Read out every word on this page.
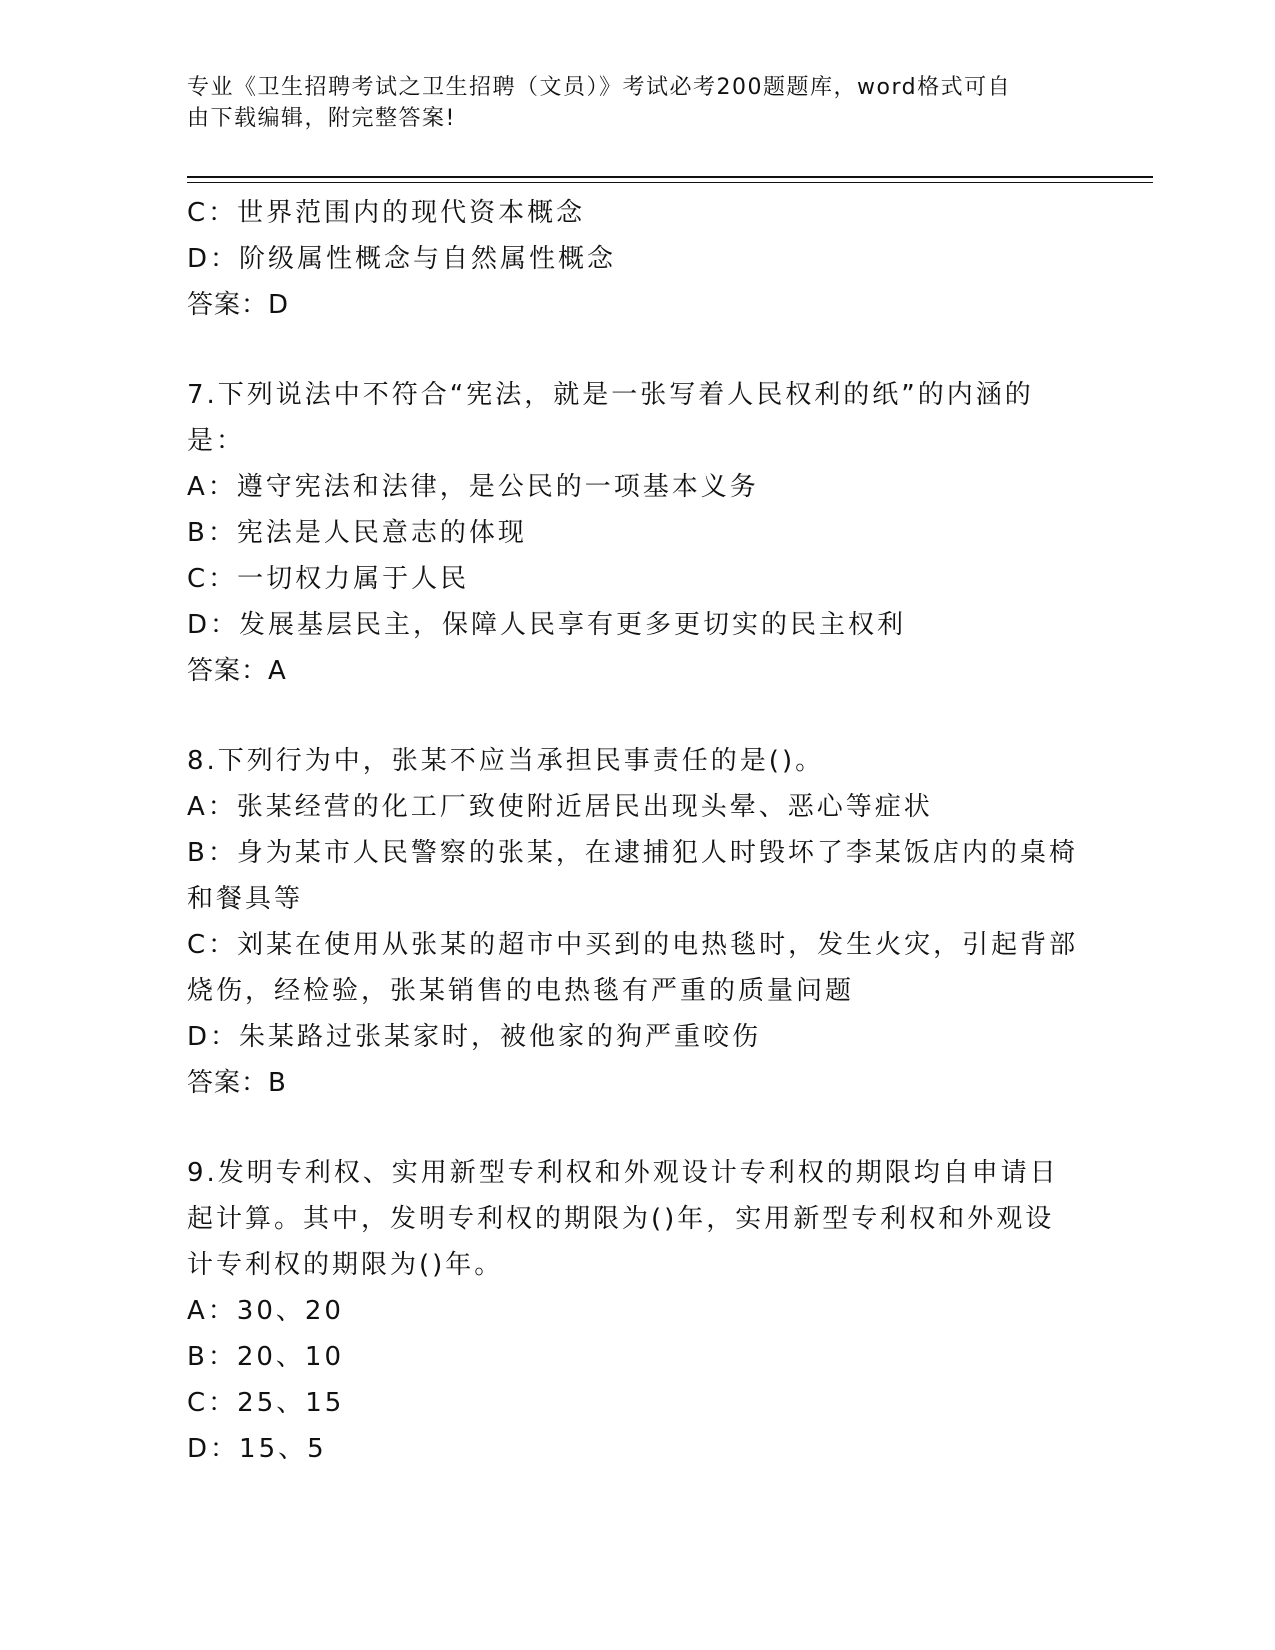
专业《卫生招聘考试之卫生招聘（文员）》考试必考200题题库，word格式可自
由下载编辑，附完整答案!
C：世界范围内的现代资本概念
D：阶级属性概念与自然属性概念
答案：D
7.下列说法中不符合“宪法，就是一张写着人民权利的纸”的内涵的
是：
A：遵守宪法和法律，是公民的一项基本义务
B：宪法是人民意志的体现
C：一切权力属于人民
D：发展基层民主，保障人民享有更多更切实的民主权利
答案：A
8.下列行为中，张某不应当承担民事责任的是()。
A：张某经营的化工厂致使附近居民出现头晕、恶心等症状
B：身为某市人民警察的张某，在逮捕犯人时毁坏了李某饭店内的桌椅
和餐具等
C：刘某在使用从张某的超市中买到的电热毯时，发生火灾，引起背部
烧伤，经检验，张某销售的电热毯有严重的质量问题
D：朱某路过张某家时，被他家的狗严重咬伤
答案：B
9.发明专利权、实用新型专利权和外观设计专利权的期限均自申请日
起计算。其中，发明专利权的期限为()年，实用新型专利权和外观设
计专利权的期限为()年。
A：30、20
B：20、10
C：25、15
D：15、5
